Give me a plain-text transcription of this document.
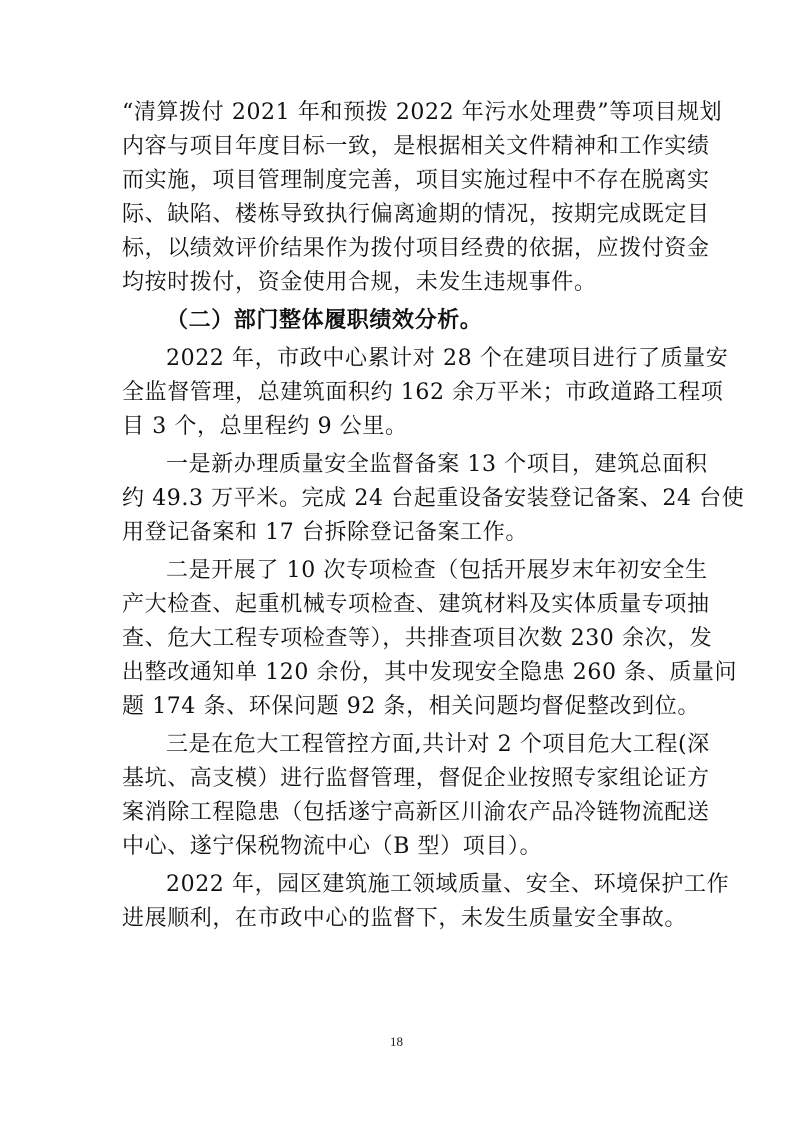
“清算拨付 2021 年和预拨 2022 年污水处理费”等项目规划
内容与项目年度目标一致，是根据相关文件精神和工作实绩
而实施，项目管理制度完善，项目实施过程中不存在脱离实
际、缺陷、楼栋导致执行偏离逾期的情况，按期完成既定目
标，以绩效评价结果作为拨付项目经费的依据，应拨付资金
均按时拨付，资金使用合规，未发生违规事件。

（二）部门整体履职绩效分析。

2022 年，市政中心累计对 28 个在建项目进行了质量安
全监督管理，总建筑面积约 162 余万平米；市政道路工程项
目 3 个，总里程约 9 公里。

一是新办理质量安全监督备案 13 个项目，建筑总面积
约 49.3 万平米。完成 24 台起重设备安装登记备案、24 台使
用登记备案和 17 台拆除登记备案工作。

二是开展了 10 次专项检查（包括开展岁末年初安全生
产大检查、起重机械专项检查、建筑材料及实体质量专项抽
查、危大工程专项检查等），共排查项目次数 230 余次，发
出整改通知单 120 余份，其中发现安全隐患 260 条、质量问
题 174 条、环保问题 92 条，相关问题均督促整改到位。

三是在危大工程管控方面,共计对 2 个项目危大工程(深
基坑、高支模）进行监督管理，督促企业按照专家组论证方
案消除工程隐患（包括遂宁高新区川渝农产品冷链物流配送
中心、遂宁保税物流中心（B 型）项目）。

2022 年，园区建筑施工领域质量、安全、环境保护工作
进展顺利，在市政中心的监督下，未发生质量安全事故。

18
